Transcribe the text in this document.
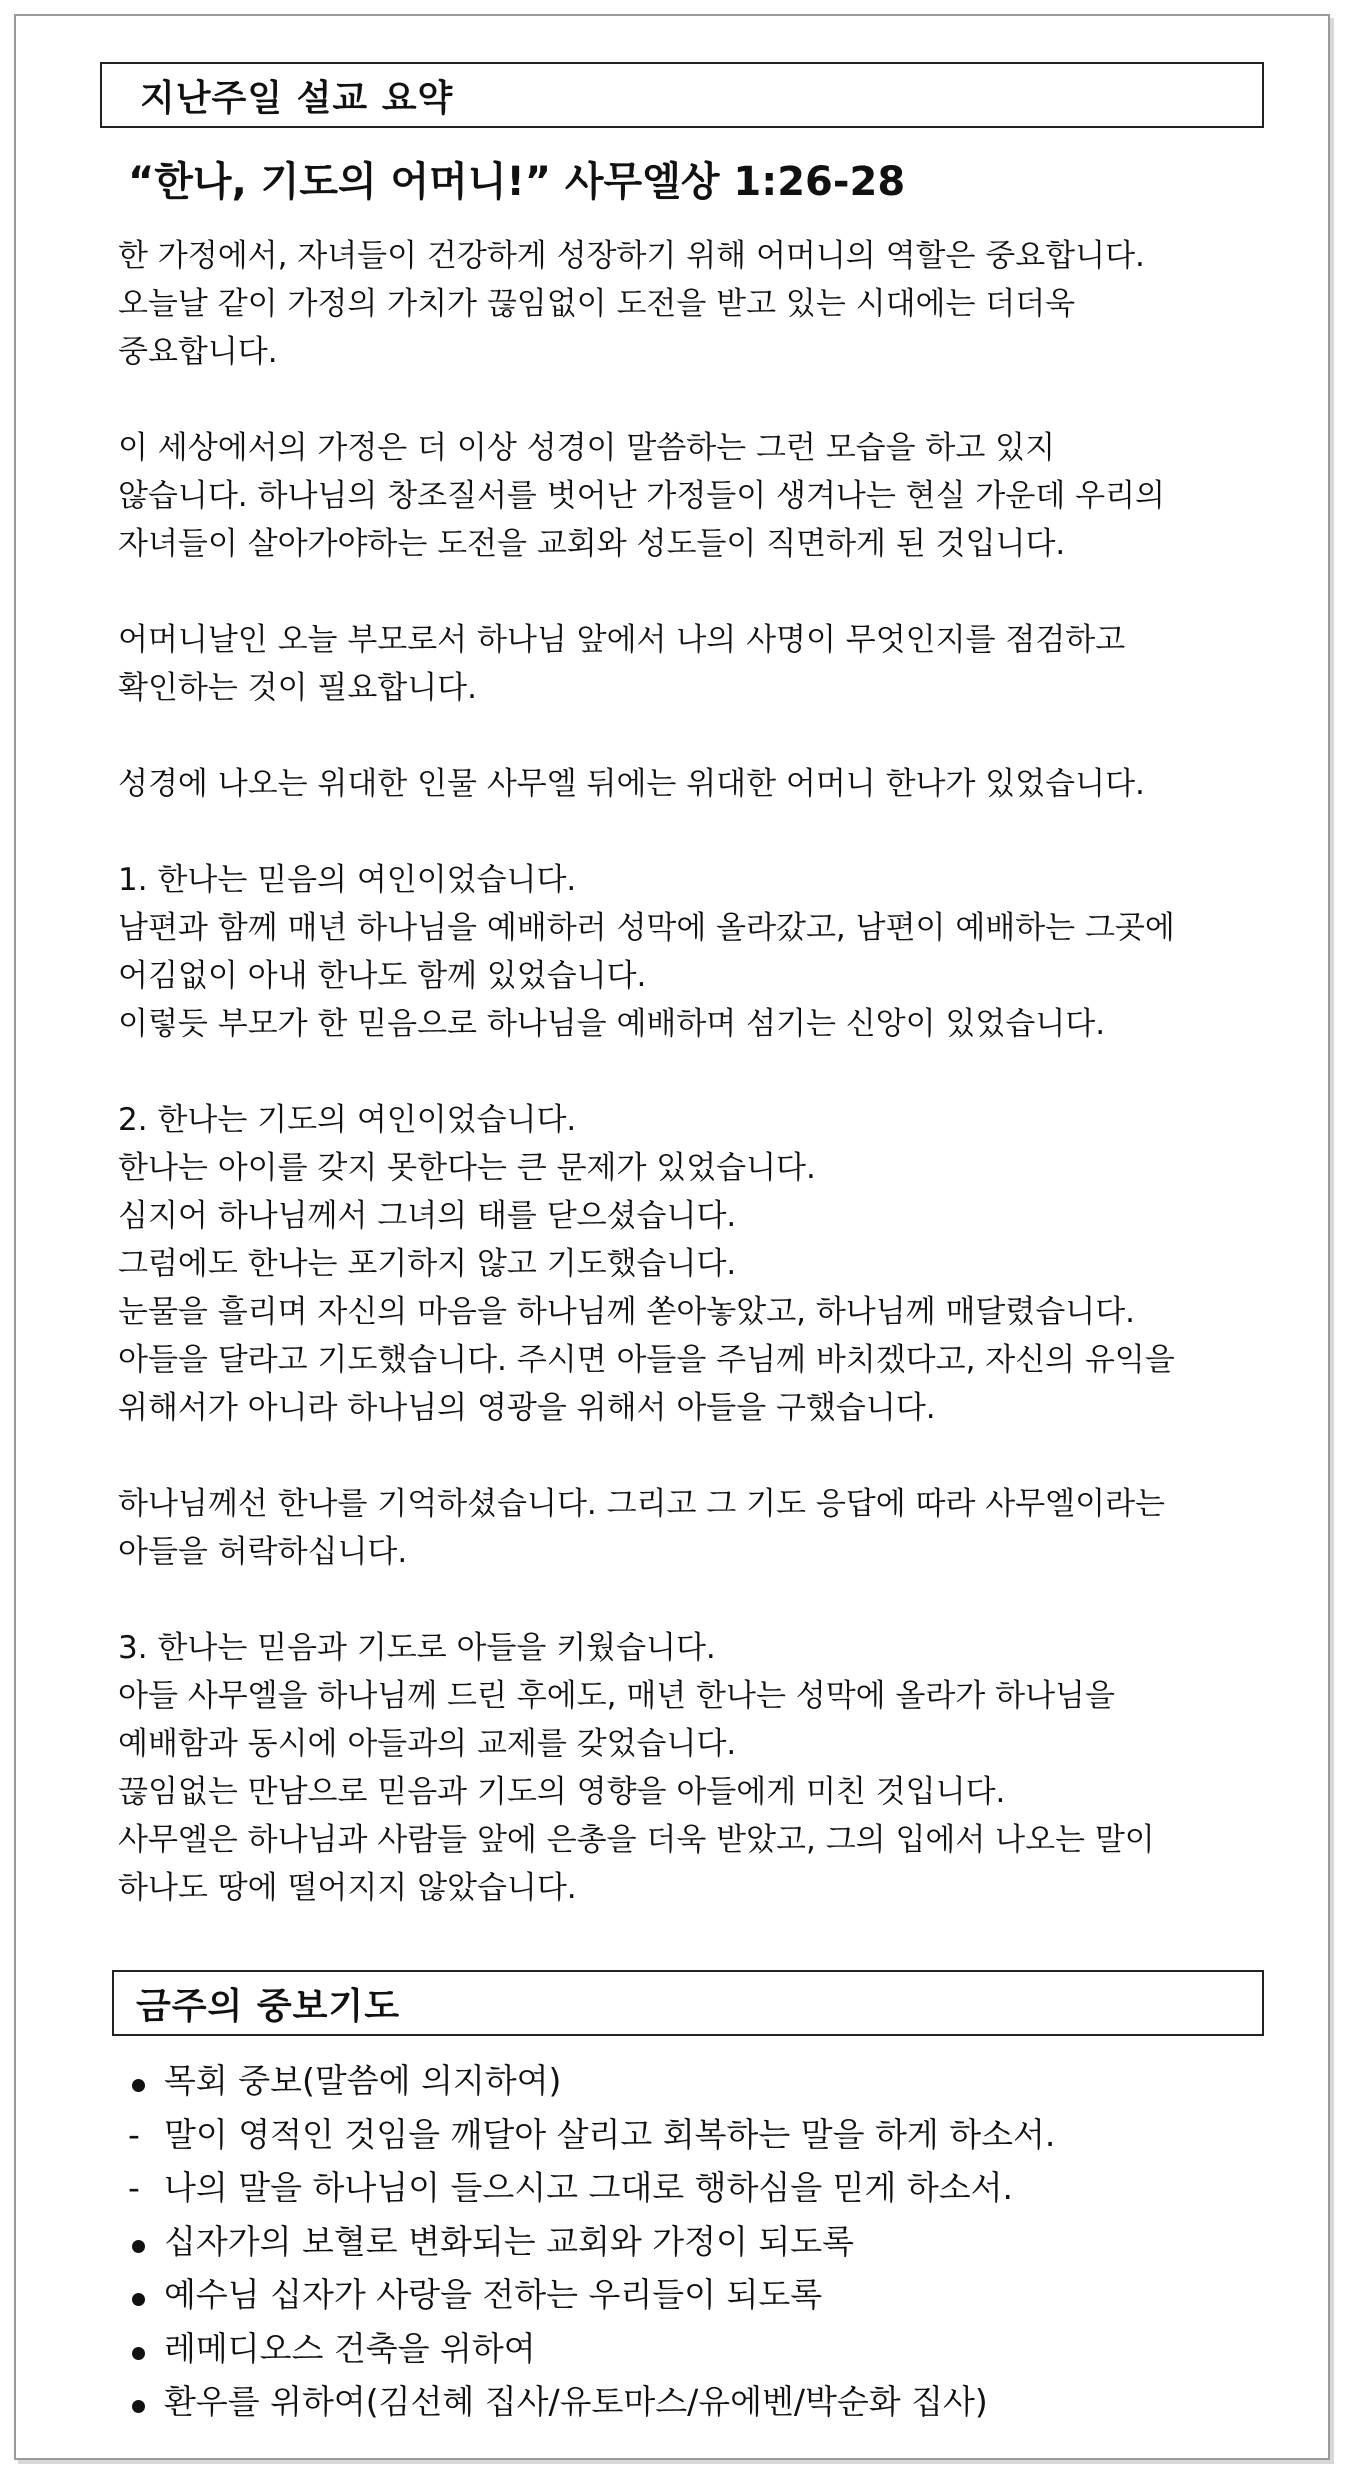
지난주일 설교 요약
“한나, 기도의 어머니!” 사무엘상 1:26-28
한 가정에서, 자녀들이 건강하게 성장하기 위해 어머니의 역할은 중요합니다.
오늘날 같이 가정의 가치가 끊임없이 도전을 받고 있는 시대에는 더더욱
중요합니다.
이 세상에서의 가정은 더 이상 성경이 말씀하는 그런 모습을 하고 있지
않습니다. 하나님의 창조질서를 벗어난 가정들이 생겨나는 현실 가운데 우리의
자녀들이 살아가야하는 도전을 교회와 성도들이 직면하게 된 것입니다.
어머니날인 오늘 부모로서 하나님 앞에서 나의 사명이 무엇인지를 점검하고
확인하는 것이 필요합니다.
성경에 나오는 위대한 인물 사무엘 뒤에는 위대한 어머니 한나가 있었습니다.
1. 한나는 믿음의 여인이었습니다.
남편과 함께 매년 하나님을 예배하러 성막에 올라갔고, 남편이 예배하는 그곳에
어김없이 아내 한나도 함께 있었습니다.
이렇듯 부모가 한 믿음으로 하나님을 예배하며 섬기는 신앙이 있었습니다.
2. 한나는 기도의 여인이었습니다.
한나는 아이를 갖지 못한다는 큰 문제가 있었습니다.
심지어 하나님께서 그녀의 태를 닫으셨습니다.
그럼에도 한나는 포기하지 않고 기도했습니다.
눈물을 흘리며 자신의 마음을 하나님께 쏟아놓았고, 하나님께 매달렸습니다.
아들을 달라고 기도했습니다. 주시면 아들을 주님께 바치겠다고, 자신의 유익을
위해서가 아니라 하나님의 영광을 위해서 아들을 구했습니다.
하나님께선 한나를 기억하셨습니다. 그리고 그 기도 응답에 따라 사무엘이라는
아들을 허락하십니다.
3. 한나는 믿음과 기도로 아들을 키웠습니다.
아들 사무엘을 하나님께 드린 후에도, 매년 한나는 성막에 올라가 하나님을
예배함과 동시에 아들과의 교제를 갖었습니다.
끊임없는 만남으로 믿음과 기도의 영향을 아들에게 미친 것입니다.
사무엘은 하나님과 사람들 앞에 은총을 더욱 받았고, 그의 입에서 나오는 말이
하나도 땅에 떨어지지 않았습니다.
금주의 중보기도
목회 중보(말씀에 의지하여)
- 말이 영적인 것임을 깨달아 살리고 회복하는 말을 하게 하소서.
- 나의 말을 하나님이 들으시고 그대로 행하심을 믿게 하소서.
십자가의 보혈로 변화되는 교회와 가정이 되도록
예수님 십자가 사랑을 전하는 우리들이 되도록
레메디오스 건축을 위하여
환우를 위하여(김선혜 집사/유토마스/유에벤/박순화 집사)
